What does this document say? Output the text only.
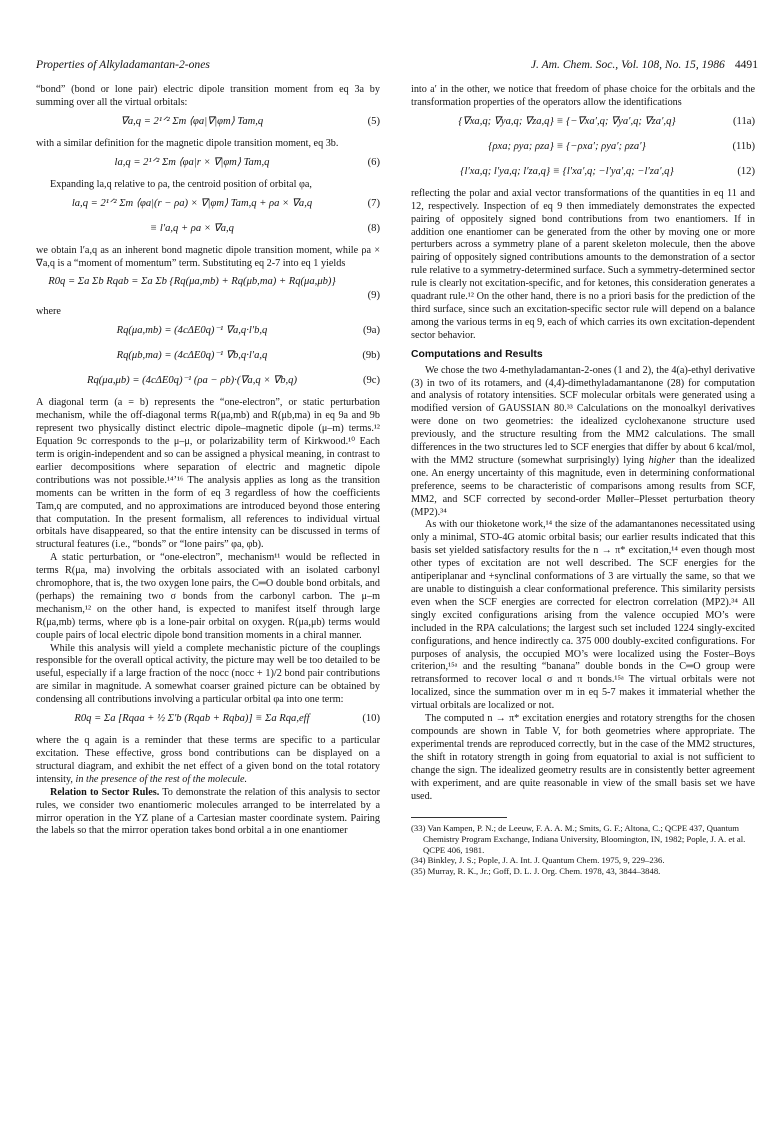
Properties of Alkyladamantan-2-ones	J. Am. Chem. Soc., Vol. 108, No. 15, 1986 4491

“bond” (bond or lone pair) electric dipole transition moment from eq 3a by summing over all the virtual orbitals:

∇a,q = 2¹ᐟ² Σm ⟨φa|∇|φm⟩ Tam,q	(5)

with a similar definition for the magnetic dipole transition moment, eq 3b.

la,q = 2¹ᐟ² Σm ⟨φa|r × ∇|φm⟩ Tam,q	(6)

Expanding la,q relative to ρa, the centroid position of orbital φa,

la,q = 2¹ᐟ² Σm ⟨φa|(r − ρa) × ∇|φm⟩ Tam,q + ρa × ∇a,q	(7)
≡ l′a,q + ρa × ∇a,q	(8)

we obtain l′a,q as an inherent bond magnetic dipole transition moment, while ρa × ∇a,q is a “moment of momentum” term. Substituting eq 2-7 into eq 1 yields

R0q = Σa Σb Rqab = Σa Σb {Rq(μa,mb) + Rq(μb,ma) + Rq(μa,μb)}
(9)

where

Rq(μa,mb) = (4cΔE0q)⁻¹ ∇a,q·l′b,q	(9a)
Rq(μb,ma) = (4cΔE0q)⁻¹ ∇b,q·l′a,q	(9b)
Rq(μa,μb) = (4cΔE0q)⁻¹ (ρa − ρb)·(∇a,q × ∇b,q)	(9c)

A diagonal term (a = b) represents the “one-electron”, or static perturbation mechanism, while the off-diagonal terms R(μa,mb) and R(μb,ma) in eq 9a and 9b represent two physically distinct electric dipole–magnetic dipole (μ–m) terms.¹² Equation 9c corresponds to the μ–μ, or polarizability term of Kirkwood.¹⁰ Each term is origin-independent and so can be assigned a physical meaning, in contrast to earlier decompositions where separation of electric and magnetic dipole contributions was not possible.¹⁴ʼ¹⁶ The analysis applies as long as the transition moments can be written in the form of eq 3 regardless of how the coefficients Tam,q are computed, and no approximations are introduced beyond those entering that computation. In the present formalism, all references to individual virtual orbitals have disappeared, so that the entire intensity can be discussed in terms of structural features (i.e., “bonds” or “lone pairs” φa, φb).

A static perturbation, or “one-electron”, mechanism¹¹ would be reflected in terms R(μa, ma) involving the orbitals associated with an isolated carbonyl chromophore, that is, the two oxygen lone pairs, the C═O double bond orbitals, and (perhaps) the remaining two σ bonds from the carbonyl carbon. The μ–m mechanism,¹² on the other hand, is expected to manifest itself through large R(μa,mb) terms, where φb is a lone-pair orbital on oxygen. R(μa,μb) terms would couple pairs of local electric dipole bond transition moments in a chiral manner.

While this analysis will yield a complete mechanistic picture of the couplings responsible for the overall optical activity, the picture may well be too detailed to be useful, especially if a large fraction of the nocc (nocc + 1)/2 bond pair contributions are similar in magnitude. A somewhat coarser grained picture can be obtained by condensing all contributions involving a particular orbital φa into one term:

R0q = Σa [Rqaa + ½ Σ′b (Rqab + Rqba)] ≡ Σa Rqa,eff	(10)

where the q again is a reminder that these terms are specific to a particular excitation. These effective, gross bond contributions can be displayed on a structural diagram, and exhibit the net effect of a given bond on the total rotatory intensity, in the presence of the rest of the molecule.

Relation to Sector Rules. To demonstrate the relation of this analysis to sector rules, we consider two enantiomeric molecules arranged to be interrelated by a mirror operation in the YZ plane of a Cartesian master coordinate system. Pairing the labels so that the mirror operation takes bond orbital a in one enantiomer

into a′ in the other, we notice that freedom of phase choice for the orbitals and the transformation properties of the operators allow the identifications

{∇xa,q; ∇ya,q; ∇za,q} ≡ {−∇xa′,q; ∇ya′,q; ∇za′,q}	(11a)
{ρxa; ρya; ρza} ≡ {−ρxa′; ρya′; ρza′}	(11b)
{l′xa,q; l′ya,q; l′za,q} ≡ {l′xa′,q; −l′ya′,q; −l′za′,q}	(12)

reflecting the polar and axial vector transformations of the quantities in eq 11 and 12, respectively. Inspection of eq 9 then immediately demonstrates the expected pairing of oppositely signed bond contributions from two enantiomers. If in addition one enantiomer can be generated from the other by moving one or more perturbers across a symmetry plane of a parent skeleton molecule, then the above pairing of oppositely signed contributions amounts to the demonstration of a sector rule relative to a symmetry-determined surface. Such a symmetry-determined sector rule is clearly not excitation-specific, and for ketones, this consideration generates a quadrant rule.¹² On the other hand, there is no a priori basis for the prediction of the third surface, since such an excitation-specific sector rule will depend on a balance among the various terms in eq 9, each of which carries its own excitation-dependent sector behavior.

Computations and Results

We chose the two 4-methyladamantan-2-ones (1 and 2), the 4(a)-ethyl derivative (3) in two of its rotamers, and (4,4)-dimethyladamantanone (28) for computation and analysis of rotatory intensities. SCF molecular orbitals were generated using a modified version of GAUSSIAN 80.³³ Calculations on the monoalkyl derivatives were done on two geometries: the idealized cyclohexanone structure used previously, and the structure resulting from the MM2 calculations. The small differences in the two structures led to SCF energies that differ by about 6 kcal/mol, with the MM2 structure (somewhat surprisingly) lying higher than the idealized one. An energy uncertainty of this magnitude, even in determining conformational preference, seems to be characteristic of comparisons among results from SCF, MM2, and SCF corrected by second-order Møller–Plesset perturbation theory (MP2).³⁴

As with our thioketone work,¹⁴ the size of the adamantanones necessitated using only a minimal, STO-4G atomic orbital basis; our earlier results indicated that this basis set yielded satisfactory results for the n → π* excitation,¹⁴ even though most other types of excitation are not well described. The SCF energies for the antiperiplanar and +synclinal conformations of 3 are virtually the same, so that we are unable to distinguish a clear conformational preference. This similarity persists even when the SCF energies are corrected for electron correlation (MP2).³⁴ All singly excited configurations arising from the valence occupied MO’s were included in the RPA calculations; the largest such set included 1224 singly-excited configurations, and hence indirectly ca. 375 000 doubly-excited configurations. For purposes of analysis, the occupied MO’s were localized using the Foster–Boys criterion,¹⁵ᵃ and the resulting “banana” double bonds in the C═O group were retransformed to recover local σ and π bonds.¹⁵ᵃ The virtual orbitals were not localized, since the summation over m in eq 5-7 makes it immaterial whether the virtual orbitals are localized or not.

The computed n → π* excitation energies and rotatory strengths for the chosen compounds are shown in Table V, for both geometries where appropriate. The experimental trends are reproduced correctly, but in the case of the MM2 structures, the shift in rotatory strength in going from equatorial to axial is not sufficient to change the sign. The idealized geometry results are in consistently better agreement with experiment, and are quite reasonable in view of the small basis set we have used.

(33) Van Kampen, P. N.; de Leeuw, F. A. A. M.; Smits, G. F.; Altona, C.; QCPE 437, Quantum Chemistry Program Exchange, Indiana University, Bloomington, IN, 1982; Pople, J. A. et al. QCPE 406, 1981.

(34) Binkley, J. S.; Pople, J. A. Int. J. Quantum Chem. 1975, 9, 229–236.

(35) Murray, R. K., Jr.; Goff, D. L. J. Org. Chem. 1978, 43, 3844–3848.
